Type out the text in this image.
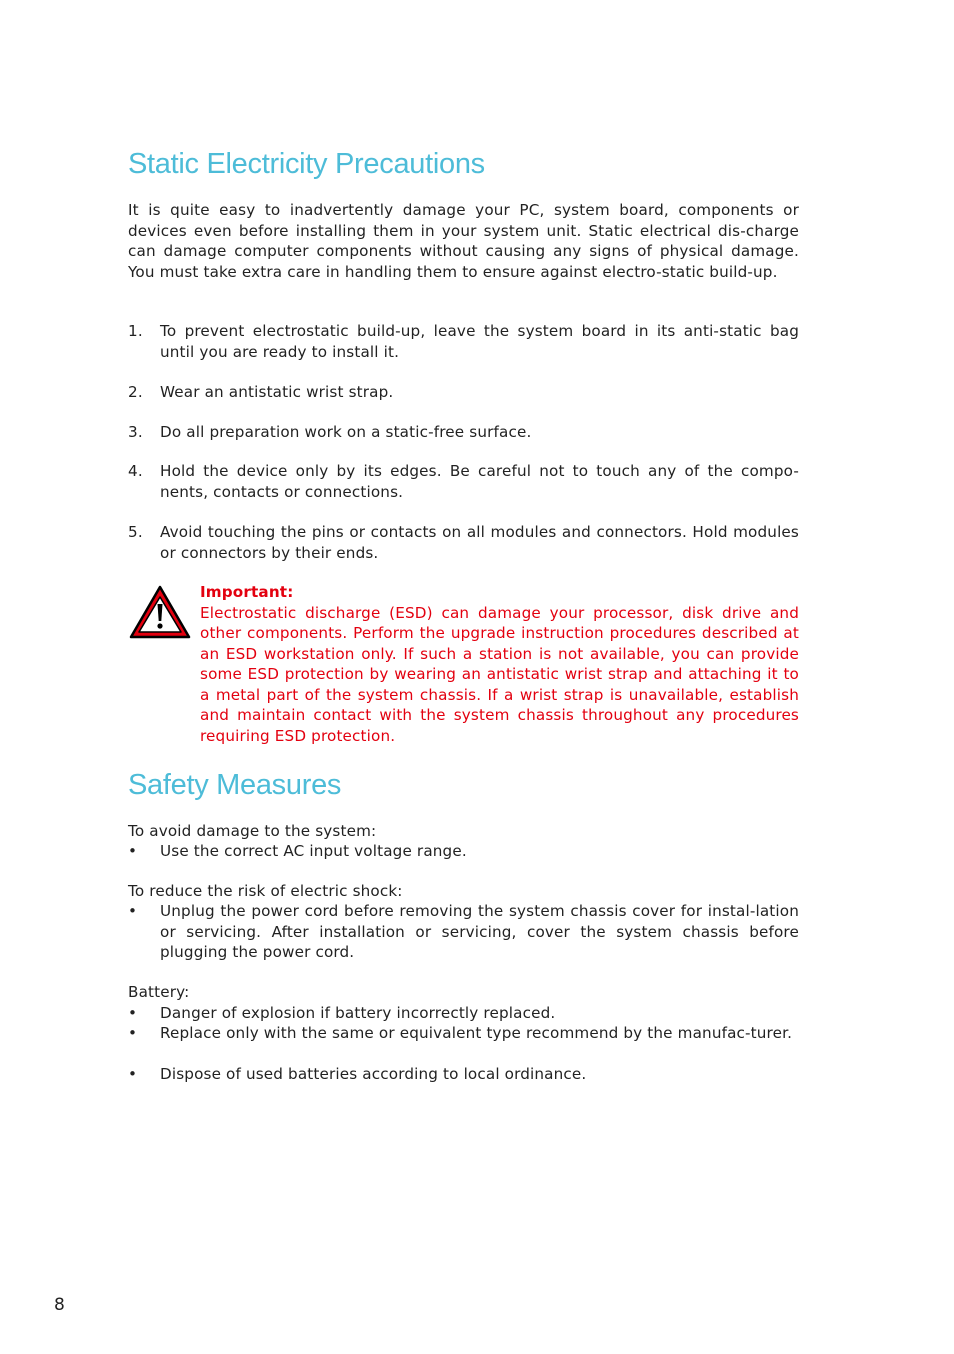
Static Electricity Precautions
It is quite easy to inadvertently damage your PC, system board, components or devices even before installing them in your system unit. Static electrical dis-charge can damage computer components without causing any signs of physical damage. You must take extra care in handling them to ensure against electro-static build-up.
1.	To prevent electrostatic build-up, leave the system board in its anti-static bag until you are ready to install it.
2.	Wear an antistatic wrist strap.
3.	Do all preparation work on a static-free surface.
4.	Hold the device only by its edges. Be careful not to touch any of the compo-nents, contacts or connections.
5.	Avoid touching the pins or contacts on all modules and connectors. Hold modules or connectors by their ends.
Important:
Electrostatic discharge (ESD) can damage your processor, disk drive and other components. Perform the upgrade instruction procedures described at an ESD workstation only. If such a station is not available, you can provide some ESD protection by wearing an antistatic wrist strap and attaching it to a metal part of the system chassis. If a wrist strap is unavailable, establish and maintain contact with the system chassis throughout any procedures requiring ESD protection.
Safety Measures
To avoid damage to the system:
•	Use the correct AC input voltage range.
To reduce the risk of electric shock:
•	Unplug the power cord before removing the system chassis cover for instal-lation or servicing. After installation or servicing, cover the system chassis before plugging the power cord.
Battery:
•	Danger of explosion if battery incorrectly replaced.
•	Replace only with the same or equivalent type recommend by the manufac-turer.
•	Dispose of used batteries according to local ordinance.
8
